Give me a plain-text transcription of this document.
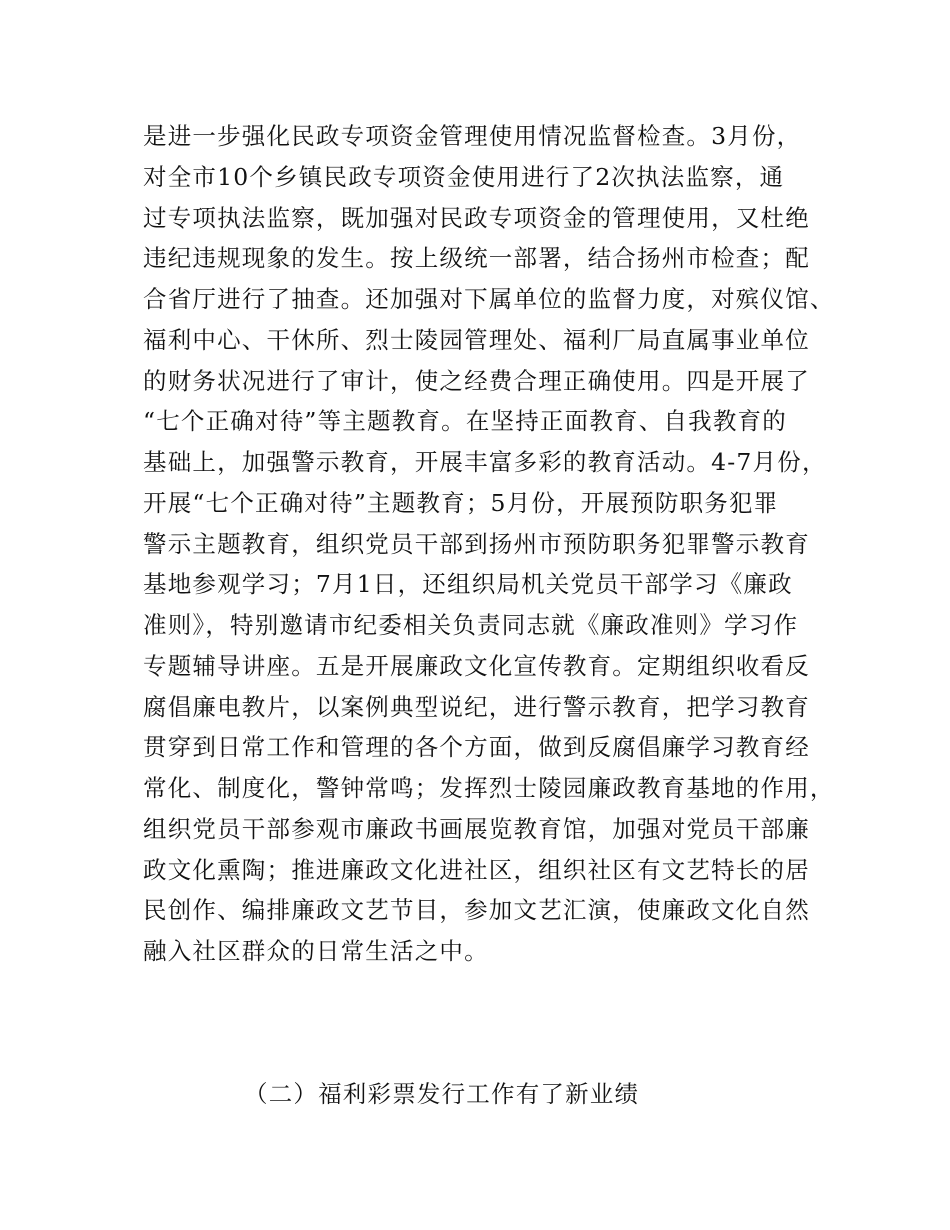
是进一步强化民政专项资金管理使用情况监督检查。3月份，
对全市10个乡镇民政专项资金使用进行了2次执法监察，通
过专项执法监察，既加强对民政专项资金的管理使用，又杜绝
违纪违规现象的发生。按上级统一部署，结合扬州市检查；配
合省厅进行了抽查。还加强对下属单位的监督力度，对殡仪馆、
福利中心、干休所、烈士陵园管理处、福利厂局直属事业单位
的财务状况进行了审计，使之经费合理正确使用。四是开展了
“七个正确对待”等主题教育。在坚持正面教育、自我教育的
基础上，加强警示教育，开展丰富多彩的教育活动。4-7月份，
开展“七个正确对待”主题教育；5月份，开展预防职务犯罪
警示主题教育，组织党员干部到扬州市预防职务犯罪警示教育
基地参观学习；7月1日，还组织局机关党员干部学习《廉政
准则》，特别邀请市纪委相关负责同志就《廉政准则》学习作
专题辅导讲座。五是开展廉政文化宣传教育。定期组织收看反
腐倡廉电教片，以案例典型说纪，进行警示教育，把学习教育
贯穿到日常工作和管理的各个方面，做到反腐倡廉学习教育经
常化、制度化，警钟常鸣；发挥烈士陵园廉政教育基地的作用，
组织党员干部参观市廉政书画展览教育馆，加强对党员干部廉
政文化熏陶；推进廉政文化进社区，组织社区有文艺特长的居
民创作、编排廉政文艺节目，参加文艺汇演，使廉政文化自然
融入社区群众的日常生活之中。
（二）福利彩票发行工作有了新业绩
